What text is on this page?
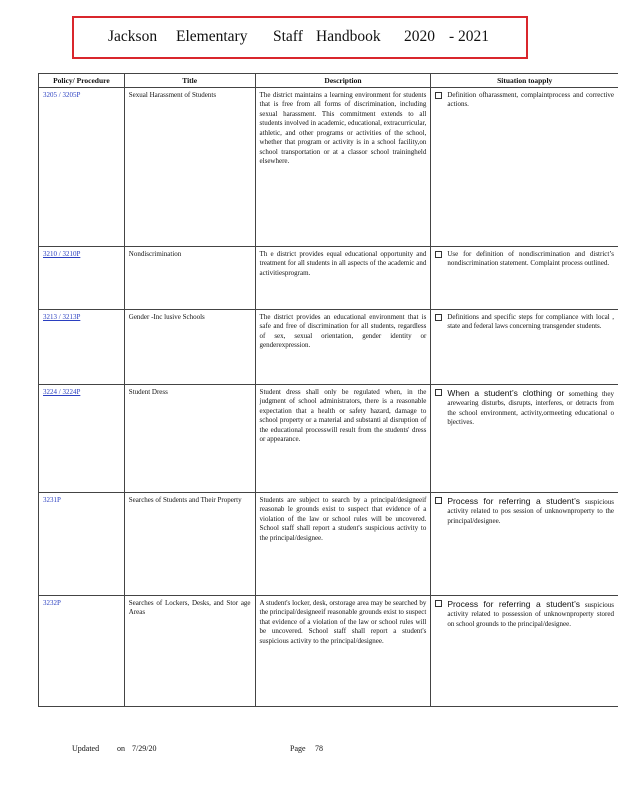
Jackson Elementary Staff Handbook 2020 - 2021
Policy/ Procedure	Title	Description	Situation toapply
3205 / 3205P	Sexual Harassment of Students	The district maintains a learning environment for students that is free from all forms of discrimination, including sexual harassment. This commitment extends to all students involved in academic, educational, extracurricular, athletic, and other programs or activities of the school, whether that program or activity is in a school facility,on school transportation or at a classor school trainingheld elsewhere.	Definition ofharassment, complaintprocess and corrective actions.
3210 / 3210P	Nondiscrimination	Th e district provides equal educational opportunity and treatment for all students in all aspects of the academic and activitiesprogram.	Use for definition of nondiscrimination and district’s nondiscrimination statement. Complaint process outlined.
3213 / 3213P	Gender -Inc lusive Schools	The district provides an educational environment that is safe and free of discrimination for all students, regardless of sex, sexual orientation, gender identity or genderexpression.	Definitions and specific steps for compliance with local , state and federal laws concerning transgender students.
3224 / 3224P	Student Dress	Student dress shall only be regulated when, in the judgment of school administrators, there is a reasonable expectation that a health or safety hazard, damage to school property or a material and substanti al disruption of the educational processwill result from the students' dress or appearance.	When a student’s clothing or something they arewearing disturbs, disrupts, interferes, or detracts from the school environment, activity,ormeeting educational o bjectives.
3231P	Searches of Students and Their Property	Students are subject to search by a principal/designeeif reasonab le grounds exist to suspect that evidence of a violation of the law or school rules will be uncovered. School staff shall report a student's suspicious activity to the principal/designee.	Process for referring a student’s suspicious activity related to pos session of unknownproperty to the principal/designee.
3232P	Searches of Lockers, Desks, and Stor age Areas	A student's locker, desk, orstorage area may be searched by the principal/designeeif reasonable grounds exist to suspect that evidence of a violation of the law or school rules will be uncovered. School staff shall report a student's suspicious activity to the principal/designee.	Process for referring a student’s suspicious activity related to possession of unknownproperty stored on school grounds to the principal/designee.
Updated on 7/29/20	Page 78
